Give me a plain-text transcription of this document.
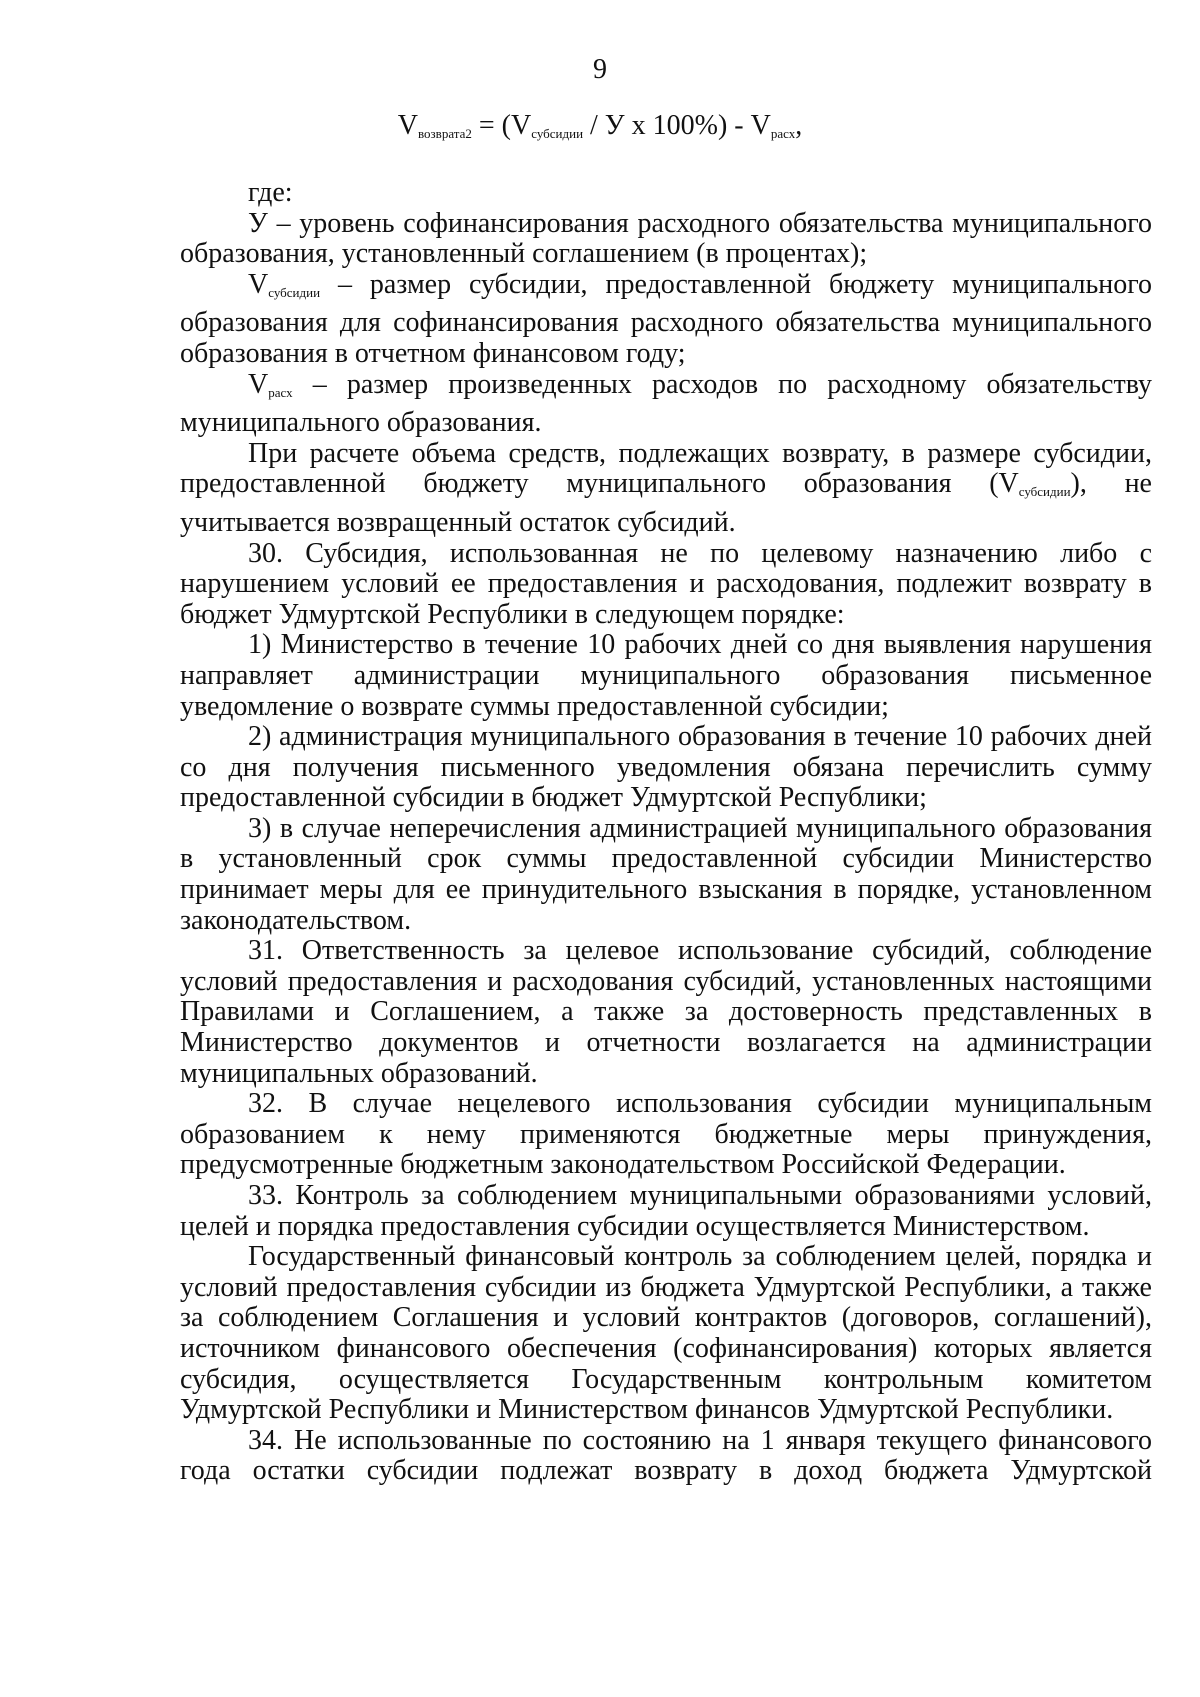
9
$V_{возврата2} = (V_{субсидии} / У$ x $100\%) - V_{расх}$,

где:

У – уровень софинансирования расходного обязательства муниципального образования, установленный соглашением (в процентах);

$V_{субсидии}$ – размер субсидии, предоставленной бюджету муниципального образования для софинансирования расходного обязательства муниципального образования в отчетном финансовом году;

$V_{расх}$ – размер произведенных расходов по расходному обязательству муниципального образования.

При расчете объема средств, подлежащих возврату, в размере субсидии, предоставленной бюджету муниципального образования $(V_{субсидии})$, не учитывается возвращенный остаток субсидий.

30. Субсидия, использованная не по целевому назначению либо с нарушением условий ее предоставления и расходования, подлежит возврату в бюджет Удмуртской Республики в следующем порядке:

1) Министерство в течение 10 рабочих дней со дня выявления нарушения направляет администрации муниципального образования письменное уведомление о возврате суммы предоставленной субсидии;

2) администрация муниципального образования в течение 10 рабочих дней со дня получения письменного уведомления обязана перечислить сумму предоставленной субсидии в бюджет Удмуртской Республики;

3) в случае неперечисления администрацией муниципального образования в установленный срок суммы предоставленной субсидии Министерство принимает меры для ее принудительного взыскания в порядке, установленном законодательством.

31. Ответственность за целевое использование субсидий, соблюдение условий предоставления и расходования субсидий, установленных настоящими Правилами и Соглашением, а также за достоверность представленных в Министерство документов и отчетности возлагается на администрации муниципальных образований.

32. В случае нецелевого использования субсидии муниципальным образованием к нему применяются бюджетные меры принуждения, предусмотренные бюджетным законодательством Российской Федерации.

33. Контроль за соблюдением муниципальными образованиями условий, целей и порядка предоставления субсидии осуществляется Министерством.

Государственный финансовый контроль за соблюдением целей, порядка и условий предоставления субсидии из бюджета Удмуртской Республики, а также за соблюдением Соглашения и условий контрактов (договоров, соглашений), источником финансового обеспечения (софинансирования) которых является субсидия, осуществляется Государственным контрольным комитетом Удмуртской Республики и Министерством финансов Удмуртской Республики.

34. Не использованные по состоянию на 1 января текущего финансового года остатки субсидии подлежат возврату в доход бюджета Удмуртской
